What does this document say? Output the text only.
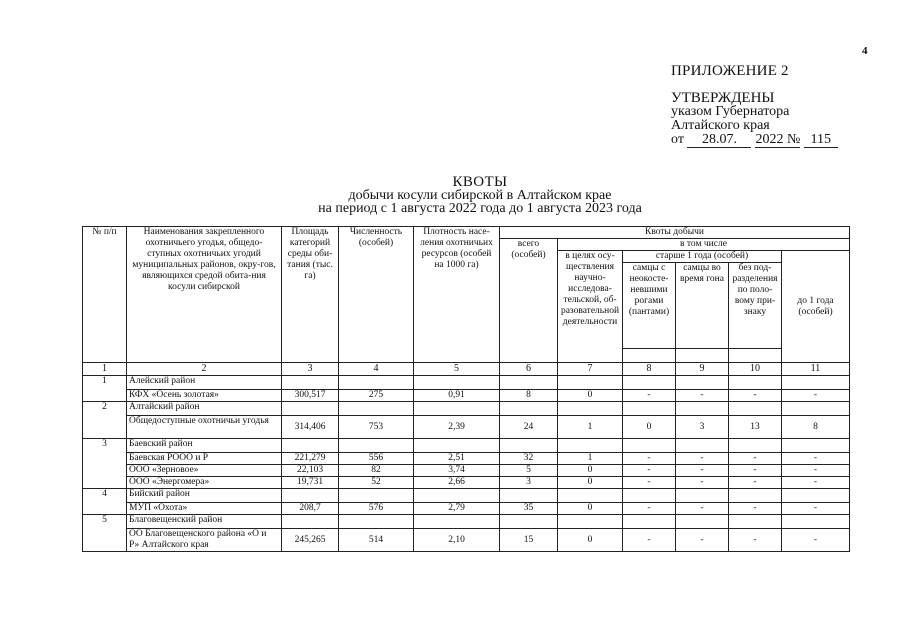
4
ПРИЛОЖЕНИЕ 2
УТВЕРЖДЕНЫ
указом Губернатора
Алтайского края
от 28.07. 2022 № 115
КВОТЫ
добычи косули сибирской в Алтайском крае
на период с 1 августа 2022 года до 1 августа 2023 года
№ п/п	Наименования закрепленного охотничьего угодья, общедо-ступных охотничьих угодий муниципальных районов, окру-гов, являющихся средой обита-ния косули сибирской	Площадь категорий среды оби-тания (тыс. га)	Численность (особей)	Плотность насе-ления охотничьих ресурсов (особей на 1000 га)	Квоты добычи					
					всего (особей)	в том числе				
						в целях осу-ществления научно-исследова-тельской, об-разовательной деятельности	старше 1 года (особей)			до 1 года (особей)
							самцы с неокосте-невшими рогами (пантами)	самцы во время гона	без под-разделения по поло-вому при-знаку	

1	2	3	4	5	6	7	8	9	10	11
1	Алейский район									
	КФХ «Осень золотая»	300,517	275	0,91	8	0	-	-	-	-
2	Алтайский район									
	Общедоступные охотничьи угодья	314,406	753	2,39	24	1	0	3	13	8
3	Баевский район									
	Баевская РООО и Р	221,279	556	2,51	32	1	-	-	-	-
	ООО «Зерновое»	22,103	82	3,74	5	0	-	-	-	-
	ООО «Энергомера»	19,731	52	2,66	3	0	-	-	-	-
4	Бийский район									
	МУП «Охота»	208,7	576	2,79	35	0	-	-	-	-
5	Благовещенский район									
	ОО Благовещенского района «О и Р» Алтайского края	245,265	514	2,10	15	0	-	-	-	-
